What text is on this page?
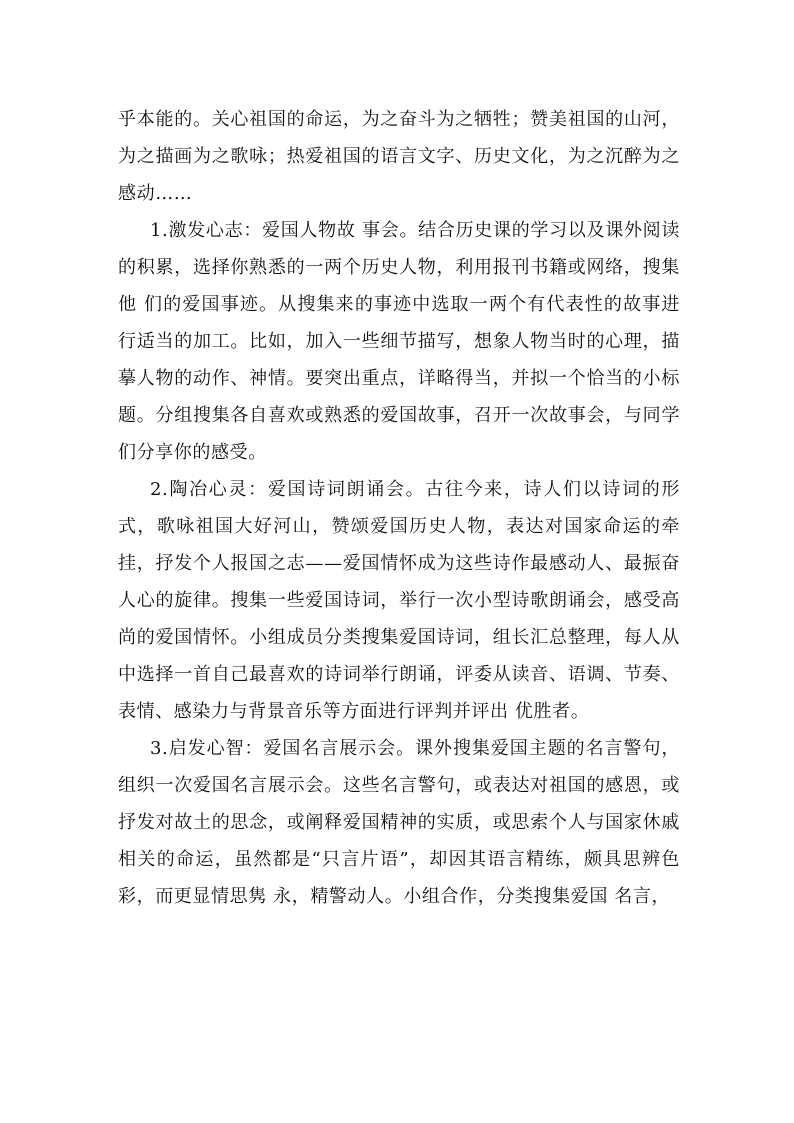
乎本能的。关心祖国的命运，为之奋斗为之牺牲；赞美祖国的山河，为之描画为之歌咏；热爱祖国的语言文字、历史文化，为之沉醉为之感动……

1.激发心志：爱国人物故 事会。结合历史课的学习以及课外阅读的积累，选择你熟悉的一两个历史人物，利用报刊书籍或网络，搜集他 们的爱国事迹。从搜集来的事迹中选取一两个有代表性的故事进行适当的加工。比如，加入一些细节描写，想象人物当时的心理，描摹人物的动作、神情。要突出重点，详略得当，并拟一个恰当的小标题。分组搜集各自喜欢或熟悉的爱国故事，召开一次故事会，与同学们分享你的感受。

2.陶冶心灵：爱国诗词朗诵会。古往今来，诗人们以诗词的形式，歌咏祖国大好河山，赞颂爱国历史人物，表达对国家命运的牵挂，抒发个人报国之志——爱国情怀成为这些诗作最感动人、最振奋人心的旋律。搜集一些爱国诗词，举行一次小型诗歌朗诵会，感受高尚的爱国情怀。小组成员分类搜集爱国诗词，组长汇总整理，每人从中选择一首自己最喜欢的诗词举行朗诵，评委从读音、语调、节奏、表情、感染力与背景音乐等方面进行评判并评出 优胜者。

3.启发心智：爱国名言展示会。课外搜集爱国主题的名言警句，组织一次爱国名言展示会。这些名言警句，或表达对祖国的感恩，或抒发对故土的思念，或阐释爱国精神的实质，或思索个人与国家休戚相关的命运，虽然都是“只言片语”，却因其语言精练，颇具思辨色彩，而更显情思隽 永，精警动人。小组合作，分类搜集爱国 名言，
